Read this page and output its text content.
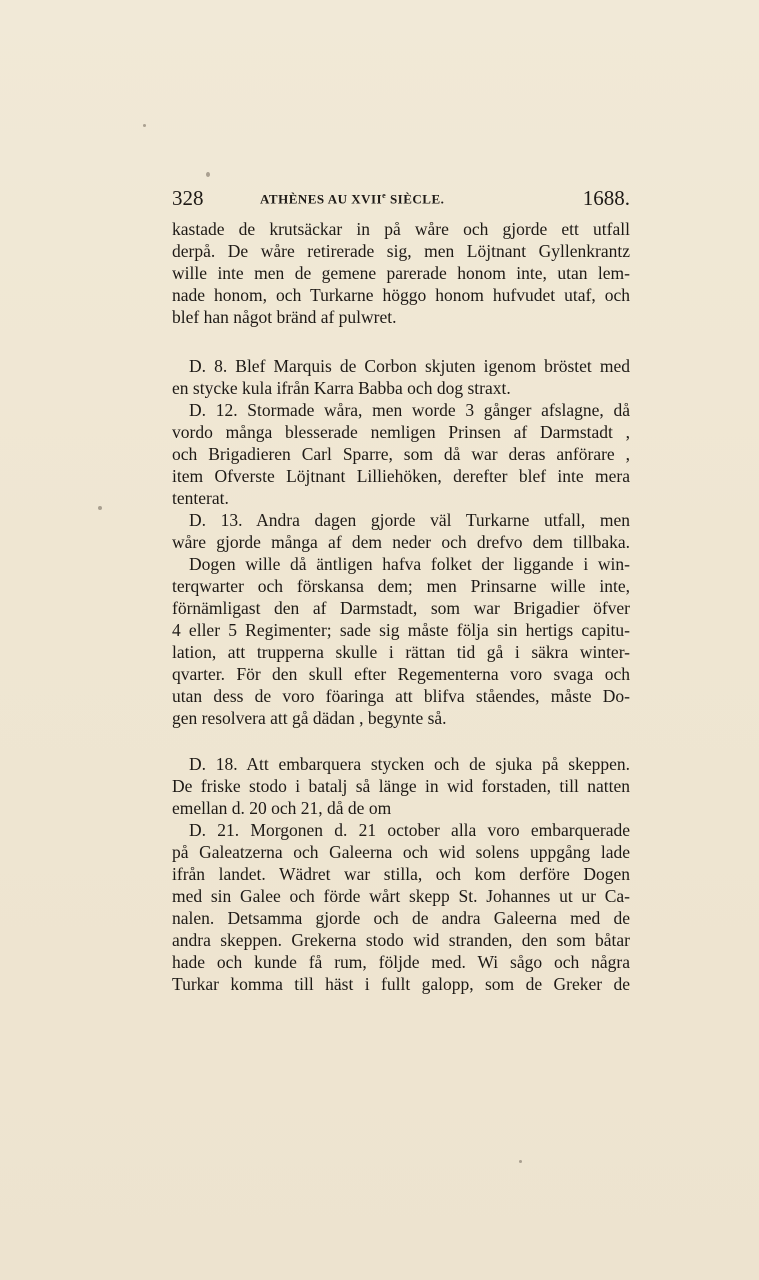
328	ATHÈNES AU XVIIe SIÈCLE.	1688.
kastade de krutsäckar in på wåre och gjorde ett utfall
derpå. De wåre retirerade sig, men Löjtnant Gyllenkrantz
wille inte men de gemene parerade honom inte, utan lem-
nade honom, och Turkarne höggo honom hufvudet utaf, och
blef han något bränd af pulwret.
D. 8. Blef Marquis de Corbon skjuten igenom bröstet med
en stycke kula ifrån Karra Babba och dog straxt.
D. 12. Stormade wåra, men worde 3 gånger afslagne, då
vordo många blesserade nemligen Prinsen af Darmstadt ,
och Brigadieren Carl Sparre, som då war deras anförare ,
item Ofverste Löjtnant Lilliehöken, derefter blef inte mera
tenterat.
D. 13. Andra dagen gjorde väl Turkarne utfall, men
wåre gjorde många af dem neder och drefvo dem tillbaka.
Dogen wille då äntligen hafva folket der liggande i win-
terqwarter och förskansa dem; men Prinsarne wille inte,
förnämligast den af Darmstadt, som war Brigadier öfver
4 eller 5 Regimenter; sade sig måste följa sin hertigs capitu-
lation, att trupperna skulle i rättan tid gå i säkra winter-
qvarter. För den skull efter Regementerna voro svaga och
utan dess de voro föaringa att blifva ståendes, måste Do-
gen resolvera att gå dädan , begynte så.
D. 18. Att embarquera stycken och de sjuka på skeppen.
De friske stodo i batalj så länge in wid forstaden, till natten
emellan d. 20 och 21, då de om
D. 21. Morgonen d. 21 october alla voro embarquerade
på Galeatzerna och Galeerna och wid solens uppgång lade
ifrån landet. Wädret war stilla, och kom derföre Dogen
med sin Galee och förde wårt skepp St. Johannes ut ur Ca-
nalen. Detsamma gjorde och de andra Galeerna med de
andra skeppen. Grekerna stodo wid stranden, den som båtar
hade och kunde få rum, följde med. Wi sågo och några
Turkar komma till häst i fullt galopp, som de Greker de
